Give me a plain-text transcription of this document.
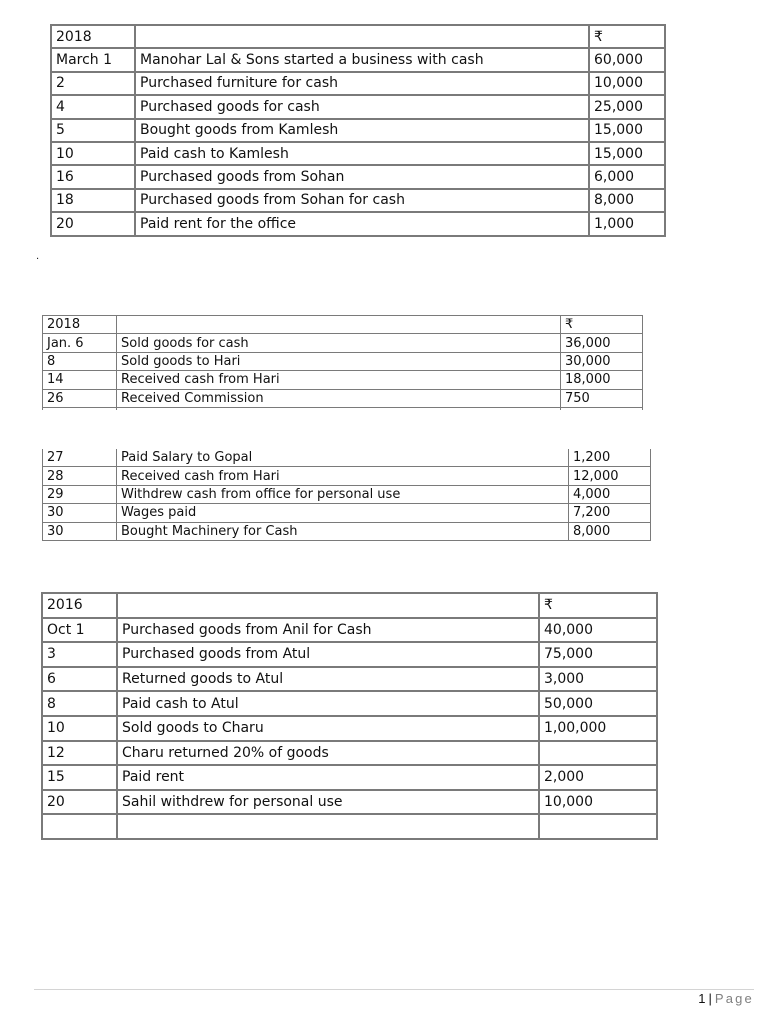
2018		₹
March 1	Manohar Lal & Sons started a business with cash	60,000
2	Purchased furniture for cash	10,000
4	Purchased goods for cash	25,000
5	Bought goods from Kamlesh	15,000
10	Paid cash to Kamlesh	15,000
16	Purchased goods from Sohan	6,000
18	Purchased goods from Sohan for cash	8,000
20	Paid rent for the office	1,000
.
2018		₹
Jan. 6	Sold goods for cash	36,000
8	Sold goods to Hari	30,000
14	Received cash from Hari	18,000
26	Received Commission	750

27	Paid Salary to Gopal	1,200
28	Received cash from Hari	12,000
29	Withdrew cash from office for personal use	4,000
30	Wages paid	7,200
30	Bought Machinery for Cash	8,000
2016		₹
Oct 1	Purchased goods from Anil for Cash	40,000
3	Purchased goods from Atul	75,000
6	Returned goods to Atul	3,000
8	Paid cash to Atul	50,000
10	Sold goods to Charu	1,00,000
12	Charu returned 20% of goods	
15	Paid rent	2,000
20	Sahil withdrew for personal use	10,000

1 | Page
